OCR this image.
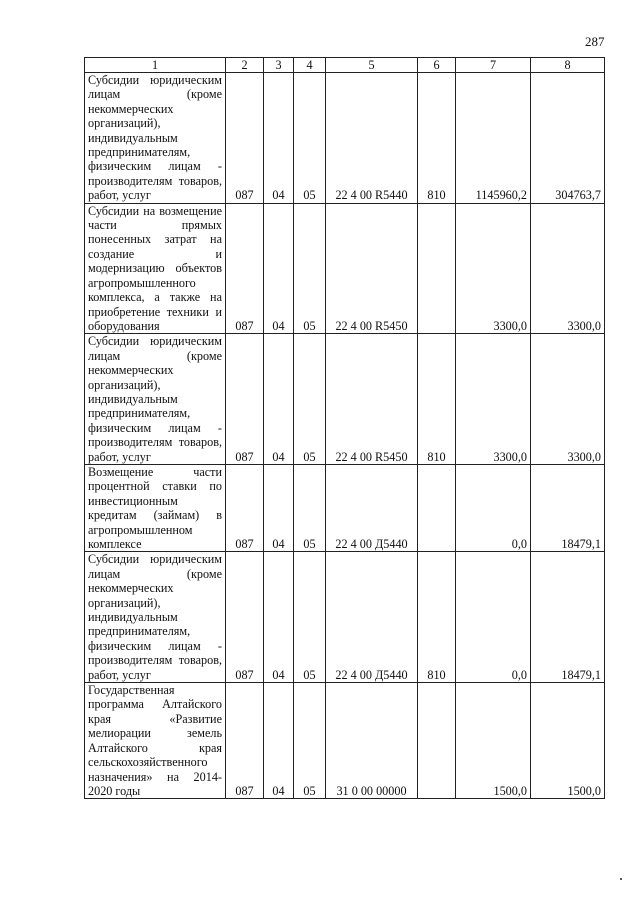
287
1	2	3	4	5	6	7	8
Субсидии юридическим лицам (кроме некоммерческих организаций), индивидуальным предпринимателям, физическим лицам - производителям товаров, работ, услуг	087	04	05	22 4 00 R5440	810	1145960,2	304763,7
Субсидии на возмещение части прямых понесенных затрат на создание и модернизацию объектов агропромышленного комплекса, а также на приобретение техники и оборудования	087	04	05	22 4 00 R5450		3300,0	3300,0
Субсидии юридическим лицам (кроме некоммерческих организаций), индивидуальным предпринимателям, физическим лицам - производителям товаров, работ, услуг	087	04	05	22 4 00 R5450	810	3300,0	3300,0
Возмещение части процентной ставки по инвестиционным кредитам (займам) в агропромышленном комплексе	087	04	05	22 4 00 Д5440		0,0	18479,1
Субсидии юридическим лицам (кроме некоммерческих организаций), индивидуальным предпринимателям, физическим лицам - производителям товаров, работ, услуг	087	04	05	22 4 00 Д5440	810	0,0	18479,1
Государственная программа Алтайского края «Развитие мелиорации земель Алтайского края сельскохозяйственного назначения» на 2014-2020 годы	087	04	05	31 0 00 00000		1500,0	1500,0
